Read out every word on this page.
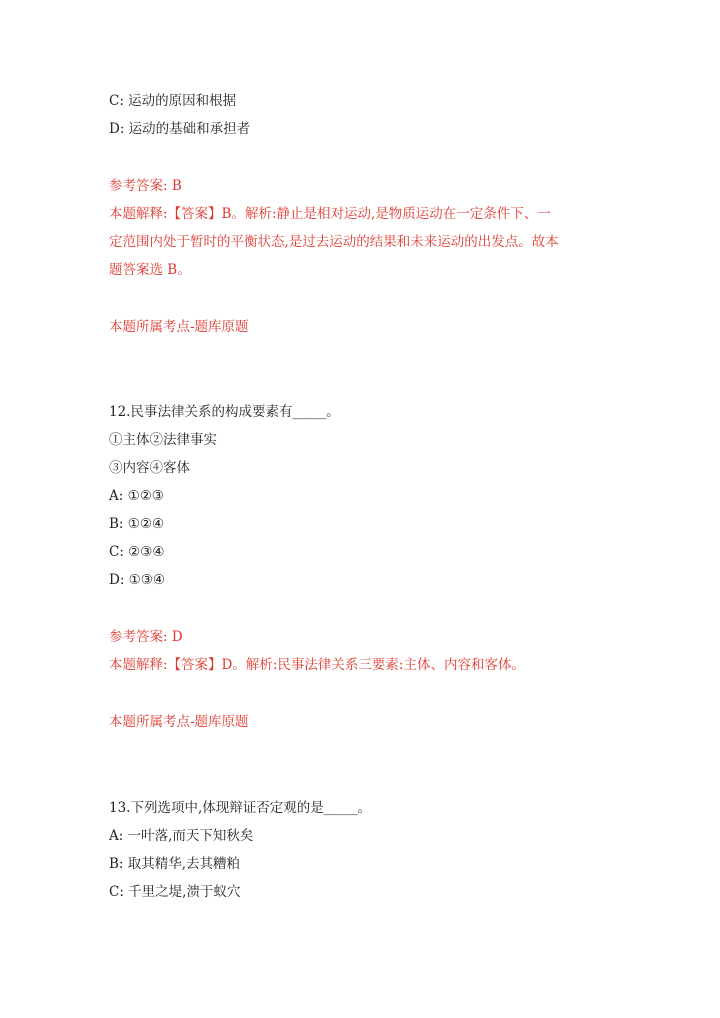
C: 运动的原因和根据
D: 运动的基础和承担者
参考答案: B
本题解释:【答案】B。解析:静止是相对运动,是物质运动在一定条件下、一
定范围内处于暂时的平衡状态,是过去运动的结果和未来运动的出发点。故本
题答案选 B。
本题所属考点-题库原题
12.民事法律关系的构成要素有_____。
①主体②法律事实
③内容④客体
A: ①②③
B: ①②④
C: ②③④
D: ①③④
参考答案: D
本题解释:【答案】D。解析:民事法律关系三要素:主体、内容和客体。
本题所属考点-题库原题
13.下列选项中,体现辩证否定观的是_____。
A: 一叶落,而天下知秋矣
B: 取其精华,去其糟粕
C: 千里之堤,溃于蚁穴
